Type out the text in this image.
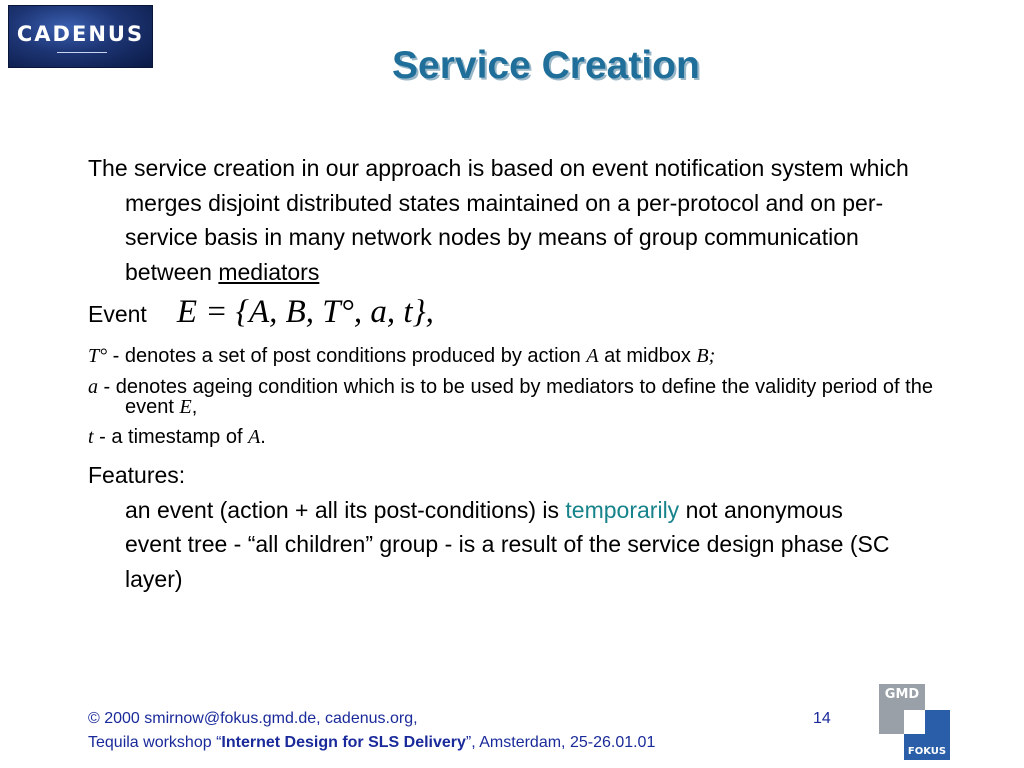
CADENUS
Service Creation
The service creation in our approach is based on event notification system which merges disjoint distributed states maintained on a per-protocol and on per-service basis in many network nodes by means of group communication between mediators
Event E = {A, B, T°, a, t},
T° - denotes a set of post conditions produced by action A at midbox B;
a - denotes ageing condition which is to be used by mediators to define the validity period of the event E,
t - a timestamp of A.
Features:
an event (action + all its post-conditions) is temporarily not anonymous
event tree - “all children” group - is a result of the service design phase (SC layer)
© 2000 smirnow@fokus.gmd.de, cadenus.org,	14
Tequila workshop “Internet Design for SLS Delivery”, Amsterdam, 25-26.01.01
GMD
FOKUS
